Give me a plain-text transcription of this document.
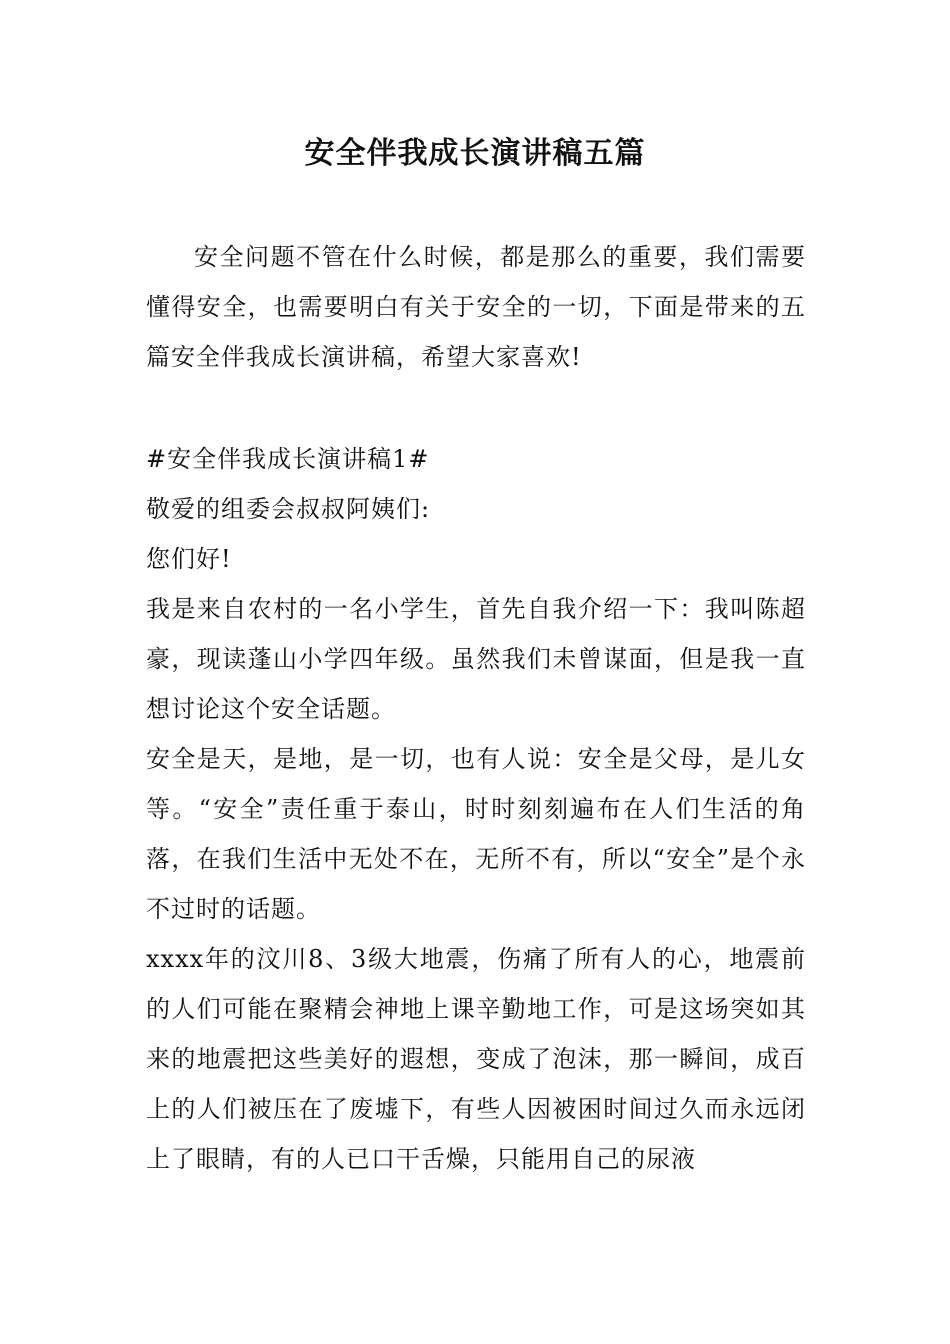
安全伴我成长演讲稿五篇

安全问题不管在什么时候，都是那么的重要，我们需要懂得安全，也需要明白有关于安全的一切，下面是带来的五篇安全伴我成长演讲稿，希望大家喜欢!

#安全伴我成长演讲稿1#

敬爱的组委会叔叔阿姨们:

您们好!

我是来自农村的一名小学生，首先自我介绍一下：我叫陈超豪，现读蓬山小学四年级。虽然我们未曾谋面，但是我一直想讨论这个安全话题。

安全是天，是地，是一切，也有人说：安全是父母，是儿女等。“安全”责任重于泰山，时时刻刻遍布在人们生活的角落，在我们生活中无处不在，无所不有，所以“安全”是个永不过时的话题。

xxxx年的汶川8、3级大地震，伤痛了所有人的心，地震前的人们可能在聚精会神地上课辛勤地工作，可是这场突如其来的地震把这些美好的遐想，变成了泡沫，那一瞬间，成百上的人们被压在了废墟下，有些人因被困时间过久而永远闭上了眼睛，有的人已口干舌燥，只能用自己的尿液
